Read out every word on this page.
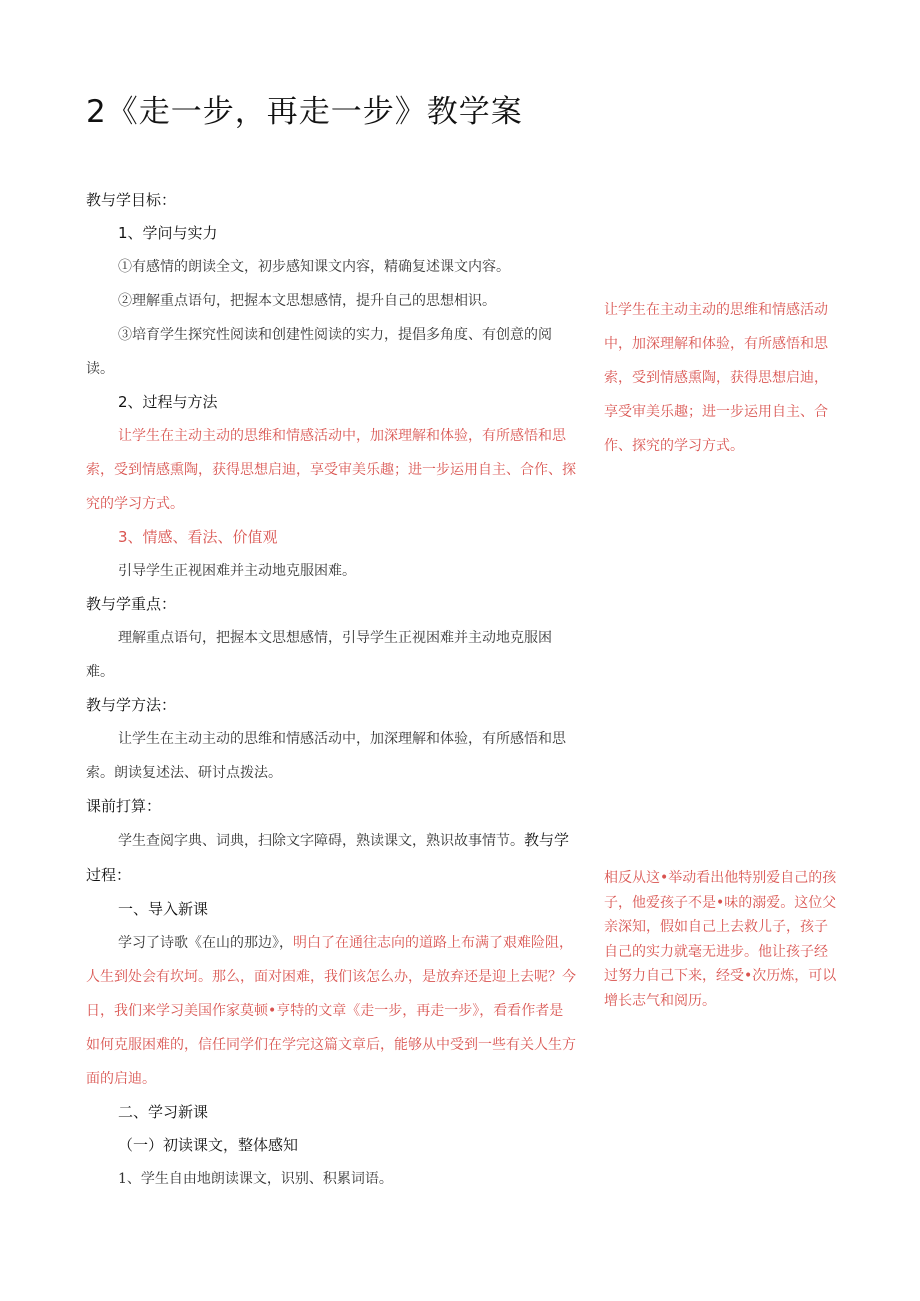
2《走一步，再走一步》教学案
教与学目标：
1、学问与实力
①有感情的朗读全文，初步感知课文内容，精确复述课文内容。
②理解重点语句，把握本文思想感情，提升自己的思想相识。
③培育学生探究性阅读和创建性阅读的实力，提倡多角度、有创意的阅读。
2、过程与方法
让学生在主动主动的思维和情感活动中，加深理解和体验，有所感悟和思索，受到情感熏陶，获得思想启迪，享受审美乐趣；进一步运用自主、合作、探究的学习方式。
3、情感、看法、价值观
引导学生正视困难并主动地克服困难。
教与学重点：
理解重点语句，把握本文思想感情，引导学生正视困难并主动地克服困难。
教与学方法：
让学生在主动主动的思维和情感活动中，加深理解和体验，有所感悟和思索。朗读复述法、研讨点拨法。
课前打算：
学生查阅字典、词典，扫除文字障碍，熟读课文，熟识故事情节。教与学过程：
一、导入新课
学习了诗歌《在山的那边》，明白了在通往志向的道路上布满了艰难险阻，人生到处会有坎坷。那么，面对困难，我们该怎么办，是放弃还是迎上去呢？今日，我们来学习美国作家莫顿•亨特的文章《走一步，再走一步》，看看作者是如何克服困难的，信任同学们在学完这篇文章后，能够从中受到一些有关人生方面的启迪。
二、学习新课
（一）初读课文，整体感知
1、学生自由地朗读课文，识别、积累词语。
让学生在主动主动的思维和情感活动中，加深理解和体验，有所感悟和思索，受到情感熏陶，获得思想启迪，享受审美乐趣；进一步运用自主、合作、探究的学习方式。
相反从这•举动看出他特别爱自己的孩子，他爱孩子不是•味的溺爱。这位父亲深知，假如自己上去救儿子，孩子自己的实力就毫无进步。他让孩子经过努力自己下来，经受•次历炼，可以增长志气和阅历。
